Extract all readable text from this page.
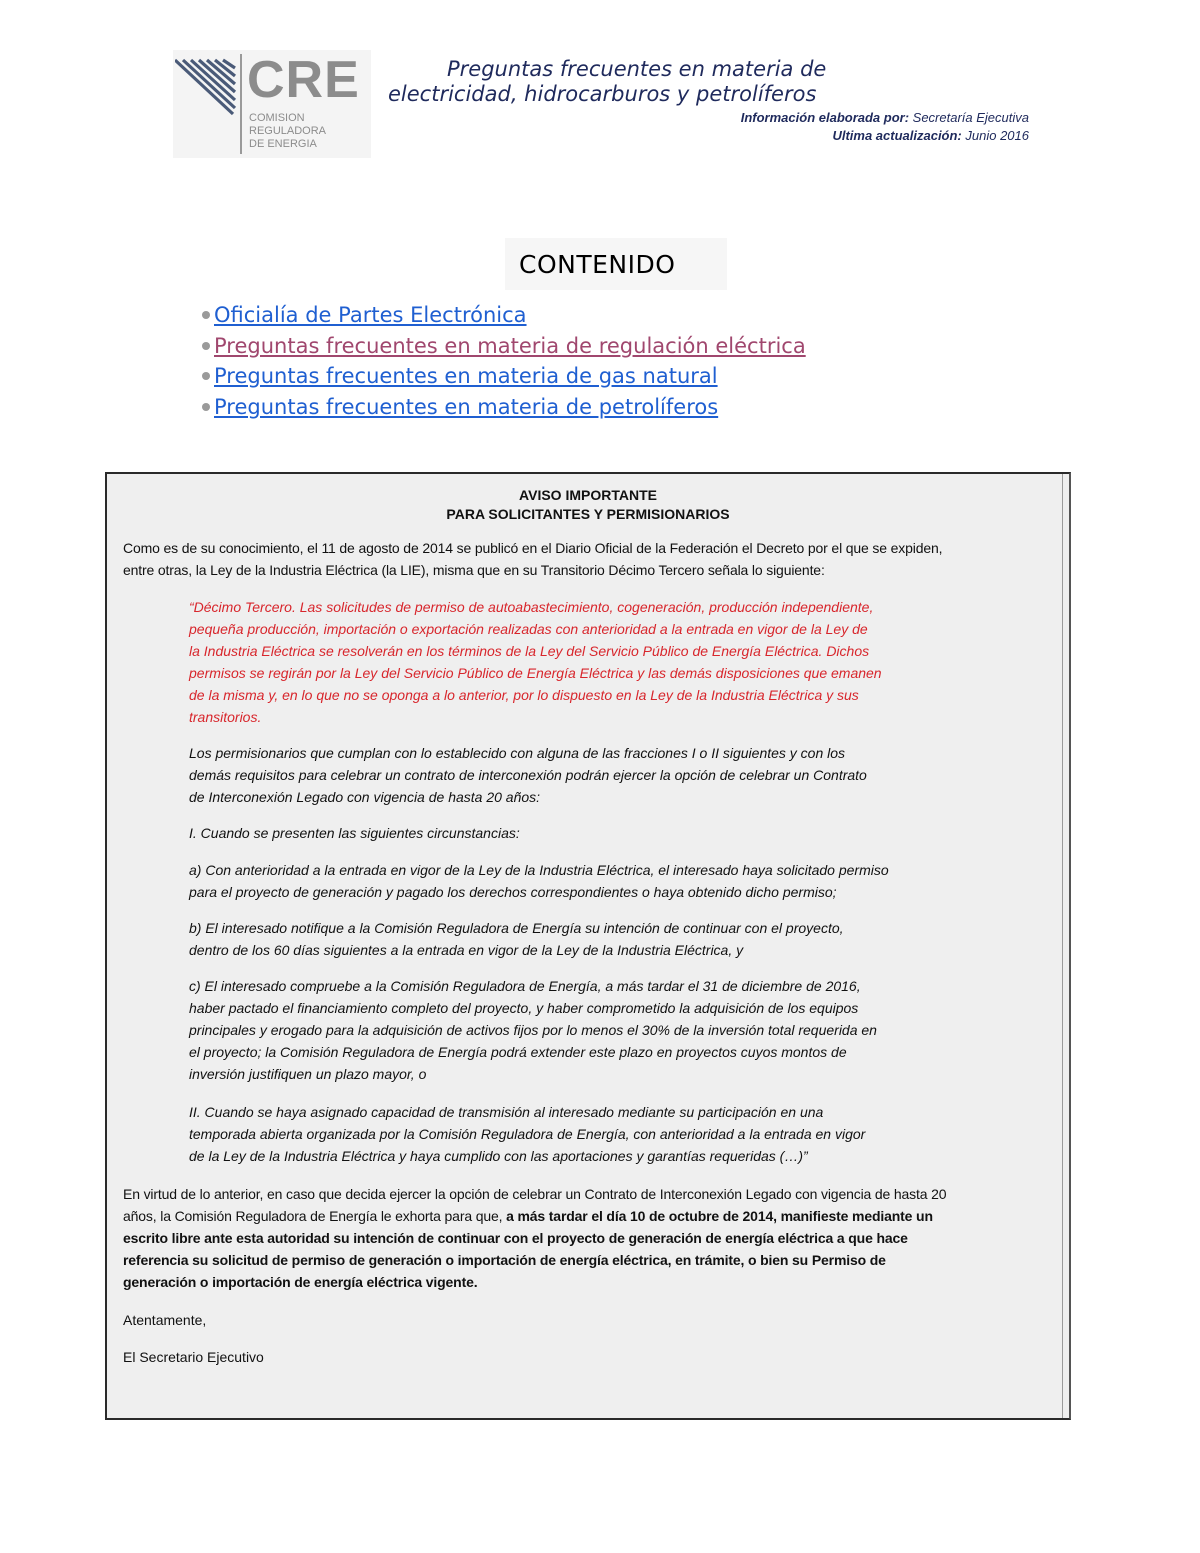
CRE
COMISION
REGULADORA
DE ENERGIA
Preguntas frecuentes en materia de
electricidad, hidrocarburos y petrolíferos
Información elaborada por: Secretaría Ejecutiva
Ultima actualización: Junio 2016
CONTENIDO
Oficialía de Partes Electrónica
Preguntas frecuentes en materia de regulación eléctrica
Preguntas frecuentes en materia de gas natural
Preguntas frecuentes en materia de petrolíferos
AVISO IMPORTANTE
PARA SOLICITANTES Y PERMISIONARIOS
Como es de su conocimiento, el 11 de agosto de 2014 se publicó en el Diario Oficial de la Federación el Decreto por el que se expiden,
entre otras, la Ley de la Industria Eléctrica (la LIE), misma que en su Transitorio Décimo Tercero señala lo siguiente:
“Décimo Tercero. Las solicitudes de permiso de autoabastecimiento, cogeneración, producción independiente,
pequeña producción, importación o exportación realizadas con anterioridad a la entrada en vigor de la Ley de
la Industria Eléctrica se resolverán en los términos de la Ley del Servicio Público de Energía Eléctrica. Dichos
permisos se regirán por la Ley del Servicio Público de Energía Eléctrica y las demás disposiciones que emanen
de la misma y, en lo que no se oponga a lo anterior, por lo dispuesto en la Ley de la Industria Eléctrica y sus
transitorios.
Los permisionarios que cumplan con lo establecido con alguna de las fracciones I o II siguientes y con los
demás requisitos para celebrar un contrato de interconexión podrán ejercer la opción de celebrar un Contrato
de Interconexión Legado con vigencia de hasta 20 años:
I. Cuando se presenten las siguientes circunstancias:
a) Con anterioridad a la entrada en vigor de la Ley de la Industria Eléctrica, el interesado haya solicitado permiso
para el proyecto de generación y pagado los derechos correspondientes o haya obtenido dicho permiso;
b) El interesado notifique a la Comisión Reguladora de Energía su intención de continuar con el proyecto,
dentro de los 60 días siguientes a la entrada en vigor de la Ley de la Industria Eléctrica, y
c) El interesado compruebe a la Comisión Reguladora de Energía, a más tardar el 31 de diciembre de 2016,
haber pactado el financiamiento completo del proyecto, y haber comprometido la adquisición de los equipos
principales y erogado para la adquisición de activos fijos por lo menos el 30% de la inversión total requerida en
el proyecto; la Comisión Reguladora de Energía podrá extender este plazo en proyectos cuyos montos de
inversión justifiquen un plazo mayor, o
II. Cuando se haya asignado capacidad de transmisión al interesado mediante su participación en una
temporada abierta organizada por la Comisión Reguladora de Energía, con anterioridad a la entrada en vigor
de la Ley de la Industria Eléctrica y haya cumplido con las aportaciones y garantías requeridas (…)”
En virtud de lo anterior, en caso que decida ejercer la opción de celebrar un Contrato de Interconexión Legado con vigencia de hasta 20
años, la Comisión Reguladora de Energía le exhorta para que, a más tardar el día 10 de octubre de 2014, manifieste mediante un
escrito libre ante esta autoridad su intención de continuar con el proyecto de generación de energía eléctrica a que hace
referencia su solicitud de permiso de generación o importación de energía eléctrica, en trámite, o bien su Permiso de
generación o importación de energía eléctrica vigente.
Atentamente,
El Secretario Ejecutivo
